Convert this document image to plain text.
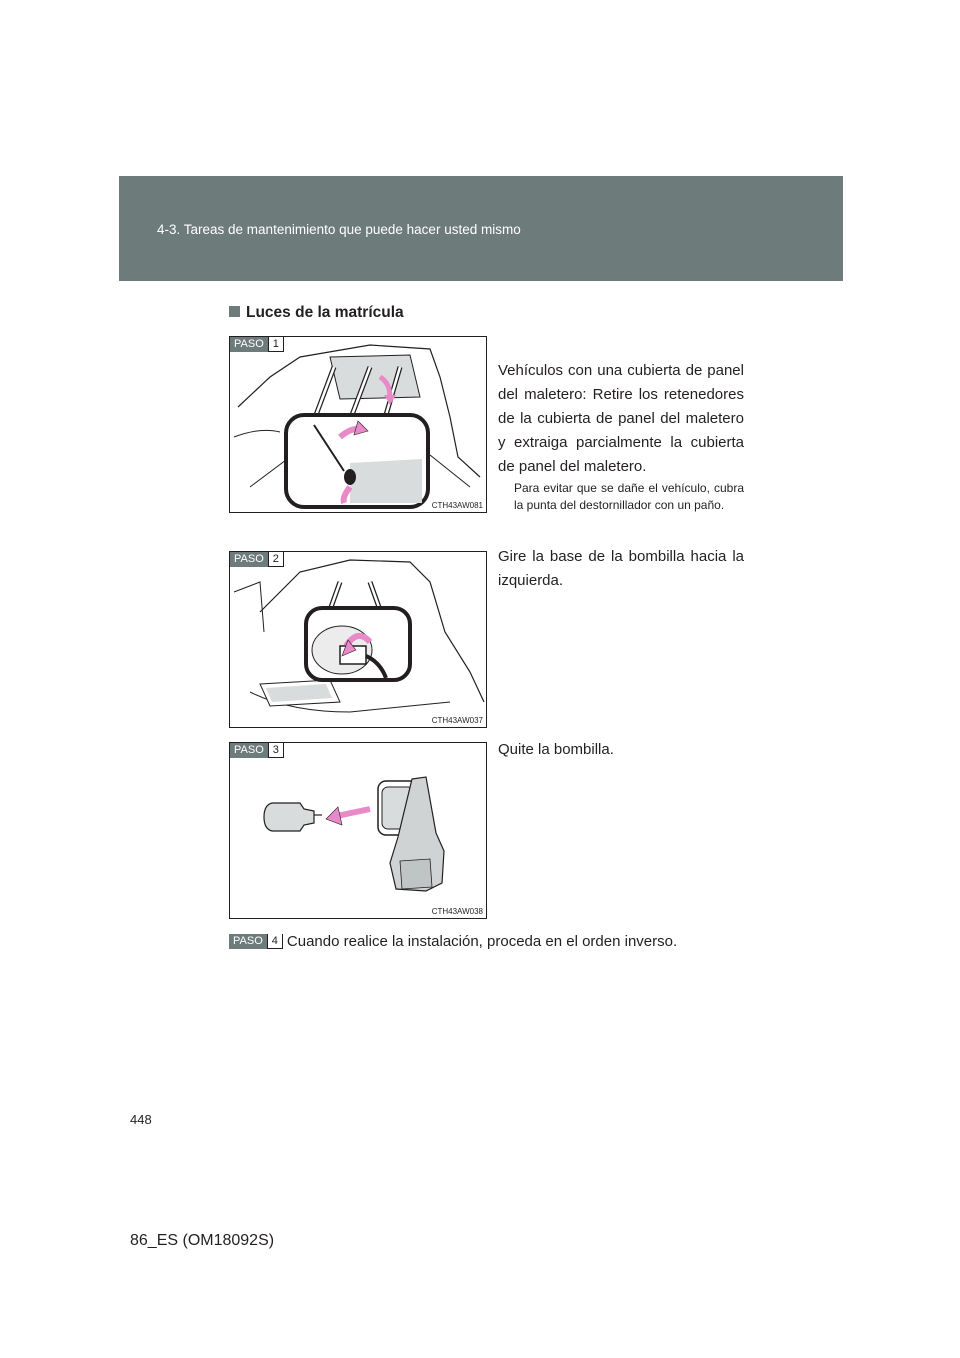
4-3. Tareas de mantenimiento que puede hacer usted mismo
Luces de la matrícula
PASO 1
CTH43AW081
Vehículos con una cubierta de panel del maletero: Retire los retenedores de la cubierta de panel del maletero y extraiga parcialmente la cubierta de panel del maletero.
Para evitar que se dañe el vehículo, cubra la punta del destornillador con un paño.
PASO 2
CTH43AW037
Gire la base de la bombilla hacia la izquierda.
PASO 3
CTH43AW038
Quite la bombilla.
PASO 4 Cuando realice la instalación, proceda en el orden inverso.
448
86_ES (OM18092S)
